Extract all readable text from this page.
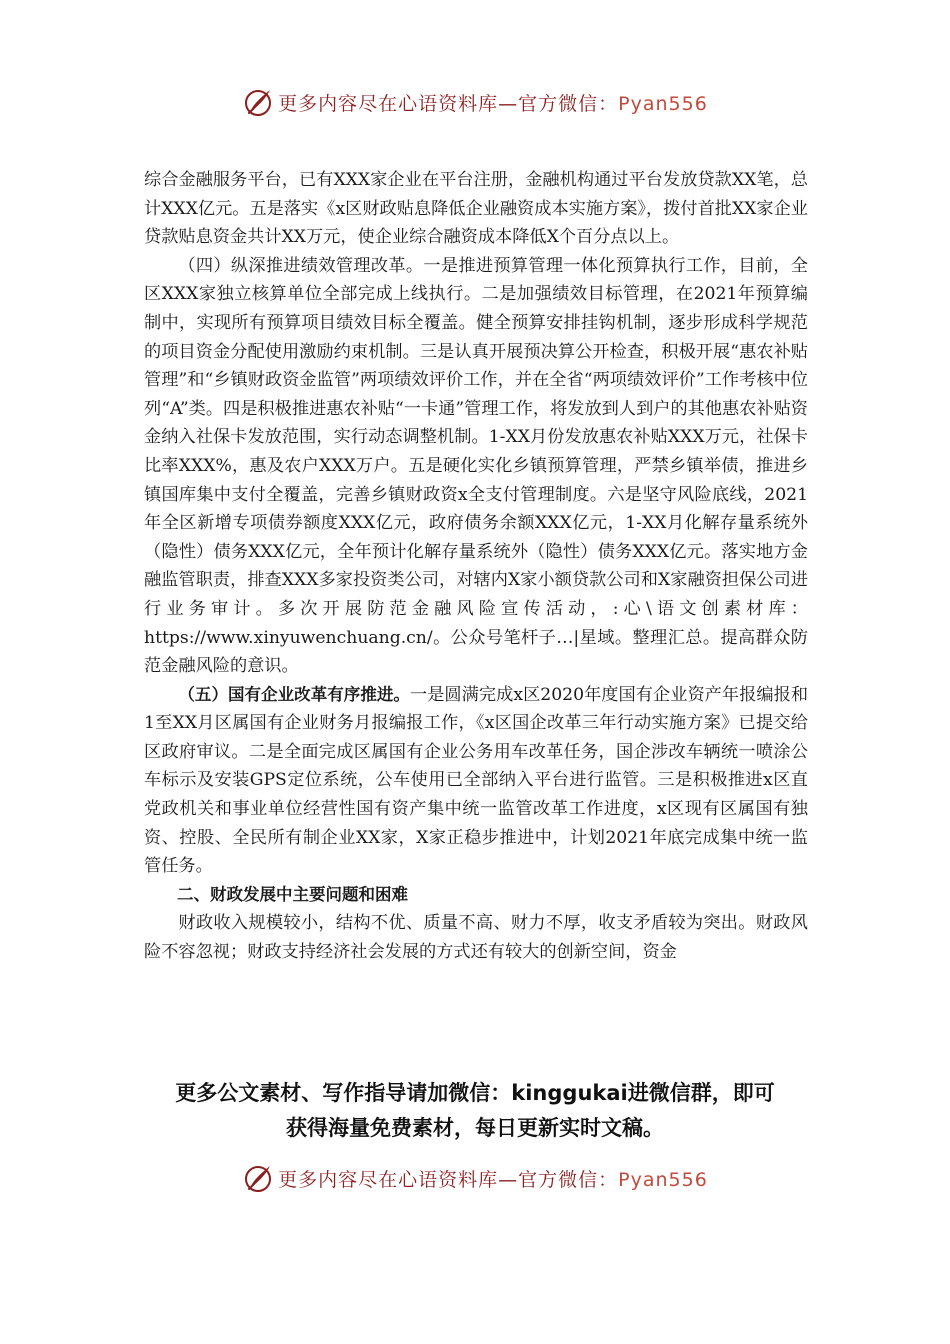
更多内容尽在心语资料库—官方微信：Pyan556

综合金融服务平台，已有XXX家企业在平台注册，金融机构通过平台发放贷款XX笔，总计XXX亿元。五是落实《x区财政贴息降低企业融资成本实施方案》，拨付首批XX家企业贷款贴息资金共计XX万元，使企业综合融资成本降低X个百分点以上。

（四）纵深推进绩效管理改革。一是推进预算管理一体化预算执行工作，目前，全区XXX家独立核算单位全部完成上线执行。二是加强绩效目标管理，在2021年预算编制中，实现所有预算项目绩效目标全覆盖。健全预算安排挂钩机制，逐步形成科学规范的项目资金分配使用激励约束机制。三是认真开展预决算公开检查，积极开展“惠农补贴管理”和“乡镇财政资金监管”两项绩效评价工作，并在全省“两项绩效评价”工作考核中位列“A”类。四是积极推进惠农补贴“一卡通”管理工作，将发放到人到户的其他惠农补贴资金纳入社保卡发放范围，实行动态调整机制。1-XX月份发放惠农补贴XXX万元，社保卡比率XXX%，惠及农户XXX万户。五是硬化实化乡镇预算管理，严禁乡镇举债，推进乡镇国库集中支付全覆盖，完善乡镇财政资x全支付管理制度。六是坚守风险底线，2021年全区新增专项债券额度XXX亿元，政府债务余额XXX亿元，1-XX月化解存量系统外（隐性）债务XXX亿元，全年预计化解存量系统外（隐性）债务XXX亿元。落实地方金融监管职责，排查XXX多家投资类公司，对辖内X家小额贷款公司和X家融资担保公司进行业务审计。多次开展防范金融风险宣传活动，:心\语文创素材库：https://www.xinyuwenchuang.cn/。公众号笔杆子…|星域。整理汇总。提高群众防范金融风险的意识。

（五）国有企业改革有序推进。一是圆满完成x区2020年度国有企业资产年报编报和1至XX月区属国有企业财务月报编报工作，《x区国企改革三年行动实施方案》已提交给区政府审议。二是全面完成区属国有企业公务用车改革任务，国企涉改车辆统一喷涂公车标示及安装GPS定位系统，公车使用已全部纳入平台进行监管。三是积极推进x区直党政机关和事业单位经营性国有资产集中统一监管改革工作进度，x区现有区属国有独资、控股、全民所有制企业XX家，X家正稳步推进中，计划2021年底完成集中统一监管任务。

二、财政发展中主要问题和困难

财政收入规模较小，结构不优、质量不高、财力不厚，收支矛盾较为突出。财政风险不容忽视；财政支持经济社会发展的方式还有较大的创新空间，资金

更多公文素材、写作指导请加微信：kinggukai进微信群，即可
获得海量免费素材，每日更新实时文稿。
更多内容尽在心语资料库—官方微信：Pyan556
